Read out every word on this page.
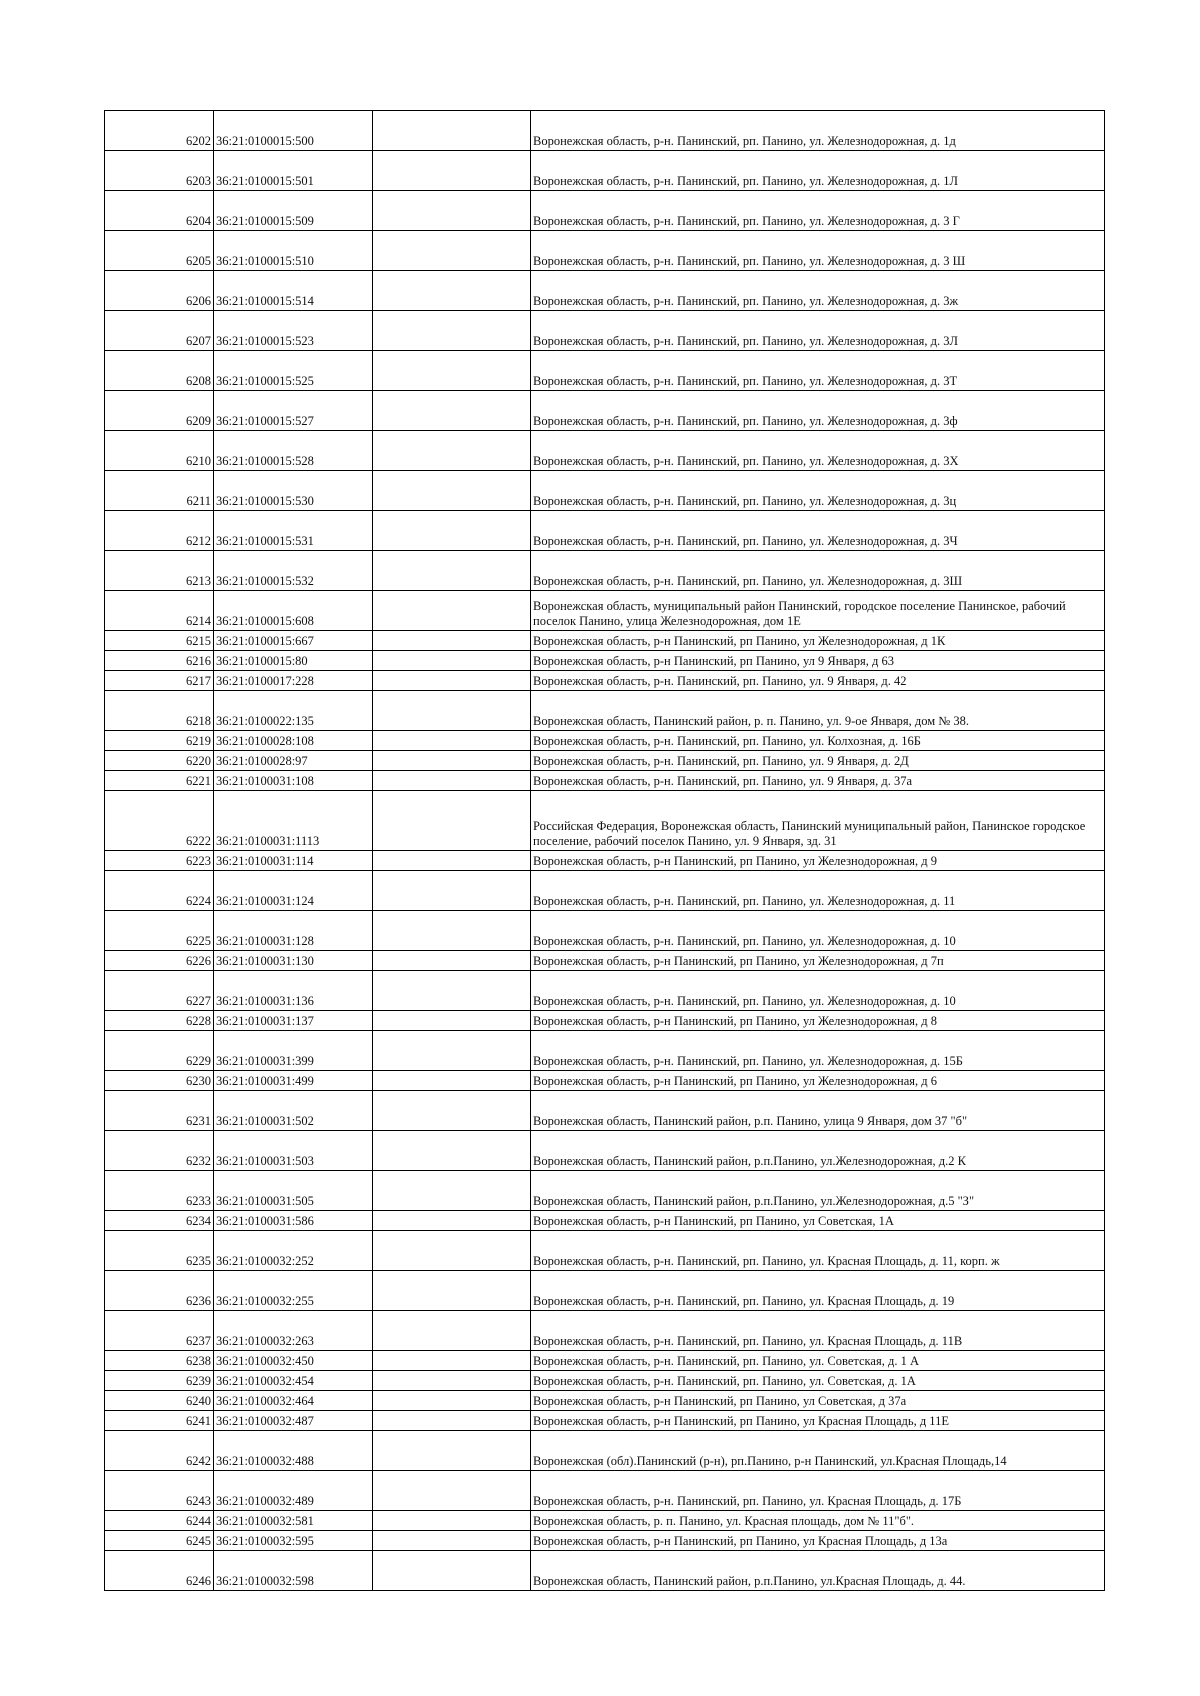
6202	36:21:0100015:500		Воронежская область, р-н. Панинский, рп. Панино, ул. Железнодорожная, д. 1д
6203	36:21:0100015:501		Воронежская область, р-н. Панинский, рп. Панино, ул. Железнодорожная, д. 1Л
6204	36:21:0100015:509		Воронежская область, р-н. Панинский, рп. Панино, ул. Железнодорожная, д. 3 Г
6205	36:21:0100015:510		Воронежская область, р-н. Панинский, рп. Панино, ул. Железнодорожная, д. 3 Ш
6206	36:21:0100015:514		Воронежская область, р-н. Панинский, рп. Панино, ул. Железнодорожная, д. 3ж
6207	36:21:0100015:523		Воронежская область, р-н. Панинский, рп. Панино, ул. Железнодорожная, д. 3Л
6208	36:21:0100015:525		Воронежская область, р-н. Панинский, рп. Панино, ул. Железнодорожная, д. 3Т
6209	36:21:0100015:527		Воронежская область, р-н. Панинский, рп. Панино, ул. Железнодорожная, д. 3ф
6210	36:21:0100015:528		Воронежская область, р-н. Панинский, рп. Панино, ул. Железнодорожная, д. 3Х
6211	36:21:0100015:530		Воронежская область, р-н. Панинский, рп. Панино, ул. Железнодорожная, д. 3ц
6212	36:21:0100015:531		Воронежская область, р-н. Панинский, рп. Панино, ул. Железнодорожная, д. 3Ч
6213	36:21:0100015:532		Воронежская область, р-н. Панинский, рп. Панино, ул. Железнодорожная, д. 3Ш
6214	36:21:0100015:608		Воронежская область, муниципальный район Панинский, городское поселение Панинское, рабочий поселок Панино, улица Железнодорожная, дом 1Е
6215	36:21:0100015:667		Воронежская область, р-н Панинский, рп Панино, ул Железнодорожная, д 1К
6216	36:21:0100015:80		Воронежская область, р-н Панинский, рп Панино, ул 9 Января, д 63
6217	36:21:0100017:228		Воронежская область, р-н. Панинский, рп. Панино, ул. 9 Января, д. 42
6218	36:21:0100022:135		Воронежская область, Панинский район, р. п. Панино, ул. 9-ое Января, дом № 38.
6219	36:21:0100028:108		Воронежская область, р-н. Панинский, рп. Панино, ул. Колхозная, д. 16Б
6220	36:21:0100028:97		Воронежская область, р-н. Панинский, рп. Панино, ул. 9 Января, д. 2Д
6221	36:21:0100031:108		Воронежская область, р-н. Панинский, рп. Панино, ул. 9 Января, д. 37а
6222	36:21:0100031:1113		Российская Федерация, Воронежская область, Панинский муниципальный район, Панинское городское поселение, рабочий поселок Панино, ул. 9 Января, зд. 31
6223	36:21:0100031:114		Воронежская область, р-н Панинский, рп Панино, ул Железнодорожная, д 9
6224	36:21:0100031:124		Воронежская область, р-н. Панинский, рп. Панино, ул. Железнодорожная, д. 11
6225	36:21:0100031:128		Воронежская область, р-н. Панинский, рп. Панино, ул. Железнодорожная, д. 10
6226	36:21:0100031:130		Воронежская область, р-н Панинский, рп Панино, ул Железнодорожная, д 7п
6227	36:21:0100031:136		Воронежская область, р-н. Панинский, рп. Панино, ул. Железнодорожная, д. 10
6228	36:21:0100031:137		Воронежская область, р-н Панинский, рп Панино, ул Железнодорожная, д 8
6229	36:21:0100031:399		Воронежская область, р-н. Панинский, рп. Панино, ул. Железнодорожная, д. 15Б
6230	36:21:0100031:499		Воронежская область, р-н Панинский, рп Панино, ул Железнодорожная, д 6
6231	36:21:0100031:502		Воронежская область, Панинский район, р.п. Панино, улица 9 Января, дом 37 "б"
6232	36:21:0100031:503		Воронежская область, Панинский район, р.п.Панино, ул.Железнодорожная, д.2 К
6233	36:21:0100031:505		Воронежская область, Панинский район, р.п.Панино, ул.Железнодорожная, д.5 "З"
6234	36:21:0100031:586		Воронежская область, р-н Панинский, рп Панино, ул Советская, 1А
6235	36:21:0100032:252		Воронежская область, р-н. Панинский, рп. Панино, ул. Красная Площадь, д. 11, корп. ж
6236	36:21:0100032:255		Воронежская область, р-н. Панинский, рп. Панино, ул. Красная Площадь, д. 19
6237	36:21:0100032:263		Воронежская область, р-н. Панинский, рп. Панино, ул. Красная Площадь, д. 11В
6238	36:21:0100032:450		Воронежская область, р-н. Панинский, рп. Панино, ул. Советская, д. 1 А
6239	36:21:0100032:454		Воронежская область, р-н. Панинский, рп. Панино, ул. Советская, д. 1А
6240	36:21:0100032:464		Воронежская область, р-н Панинский, рп Панино, ул Советская, д 37а
6241	36:21:0100032:487		Воронежская область, р-н Панинский, рп Панино, ул Красная Площадь, д 11Е
6242	36:21:0100032:488		Воронежская (обл).Панинский (р-н), рп.Панино, р-н Панинский, ул.Красная Площадь,14
6243	36:21:0100032:489		Воронежская область, р-н. Панинский, рп. Панино, ул. Красная Площадь, д. 17Б
6244	36:21:0100032:581		Воронежская область, р. п. Панино, ул. Красная площадь, дом № 11"б".
6245	36:21:0100032:595		Воронежская область, р-н Панинский, рп Панино, ул Красная Площадь, д 13а
6246	36:21:0100032:598		Воронежская область, Панинский район, р.п.Панино, ул.Красная Площадь, д. 44.
